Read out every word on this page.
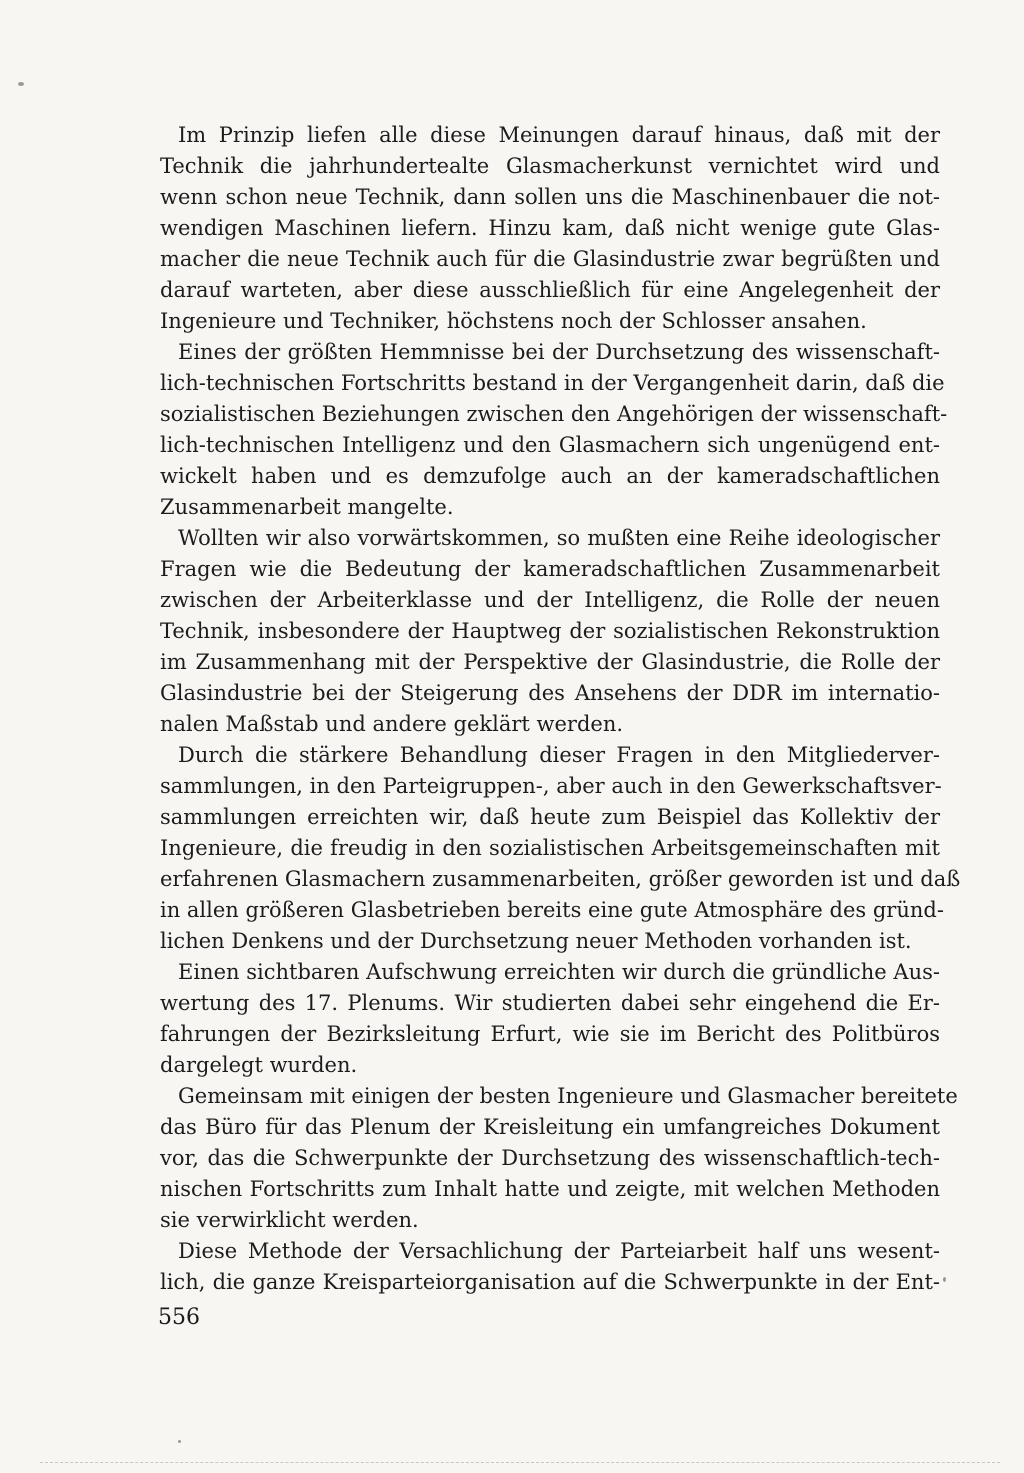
Im Prinzip liefen alle diese Meinungen darauf hinaus, daß mit der
Technik die jahrhundertealte Glasmacherkunst vernichtet wird und
wenn schon neue Technik, dann sollen uns die Maschinenbauer die not-
wendigen Maschinen liefern. Hinzu kam, daß nicht wenige gute Glas-
macher die neue Technik auch für die Glasindustrie zwar begrüßten und
darauf warteten, aber diese ausschließlich für eine Angelegenheit der
Ingenieure und Techniker, höchstens noch der Schlosser ansahen.
Eines der größten Hemmnisse bei der Durchsetzung des wissenschaft-
lich-technischen Fortschritts bestand in der Vergangenheit darin, daß die
sozialistischen Beziehungen zwischen den Angehörigen der wissenschaft-
lich-technischen Intelligenz und den Glasmachern sich ungenügend ent-
wickelt haben und es demzufolge auch an der kameradschaftlichen
Zusammenarbeit mangelte.
Wollten wir also vorwärtskommen, so mußten eine Reihe ideologischer
Fragen wie die Bedeutung der kameradschaftlichen Zusammenarbeit
zwischen der Arbeiterklasse und der Intelligenz, die Rolle der neuen
Technik, insbesondere der Hauptweg der sozialistischen Rekonstruktion
im Zusammenhang mit der Perspektive der Glasindustrie, die Rolle der
Glasindustrie bei der Steigerung des Ansehens der DDR im internatio-
nalen Maßstab und andere geklärt werden.
Durch die stärkere Behandlung dieser Fragen in den Mitgliederver-
sammlungen, in den Parteigruppen-, aber auch in den Gewerkschaftsver-
sammlungen erreichten wir, daß heute zum Beispiel das Kollektiv der
Ingenieure, die freudig in den sozialistischen Arbeitsgemeinschaften mit
erfahrenen Glasmachern zusammenarbeiten, größer geworden ist und daß
in allen größeren Glasbetrieben bereits eine gute Atmosphäre des gründ-
lichen Denkens und der Durchsetzung neuer Methoden vorhanden ist.
Einen sichtbaren Aufschwung erreichten wir durch die gründliche Aus-
wertung des 17. Plenums. Wir studierten dabei sehr eingehend die Er-
fahrungen der Bezirksleitung Erfurt, wie sie im Bericht des Politbüros
dargelegt wurden.
Gemeinsam mit einigen der besten Ingenieure und Glasmacher bereitete
das Büro für das Plenum der Kreisleitung ein umfangreiches Dokument
vor, das die Schwerpunkte der Durchsetzung des wissenschaftlich-tech-
nischen Fortschritts zum Inhalt hatte und zeigte, mit welchen Methoden
sie verwirklicht werden.
Diese Methode der Versachlichung der Parteiarbeit half uns wesent-
lich, die ganze Kreisparteiorganisation auf die Schwerpunkte in der Ent-
556
